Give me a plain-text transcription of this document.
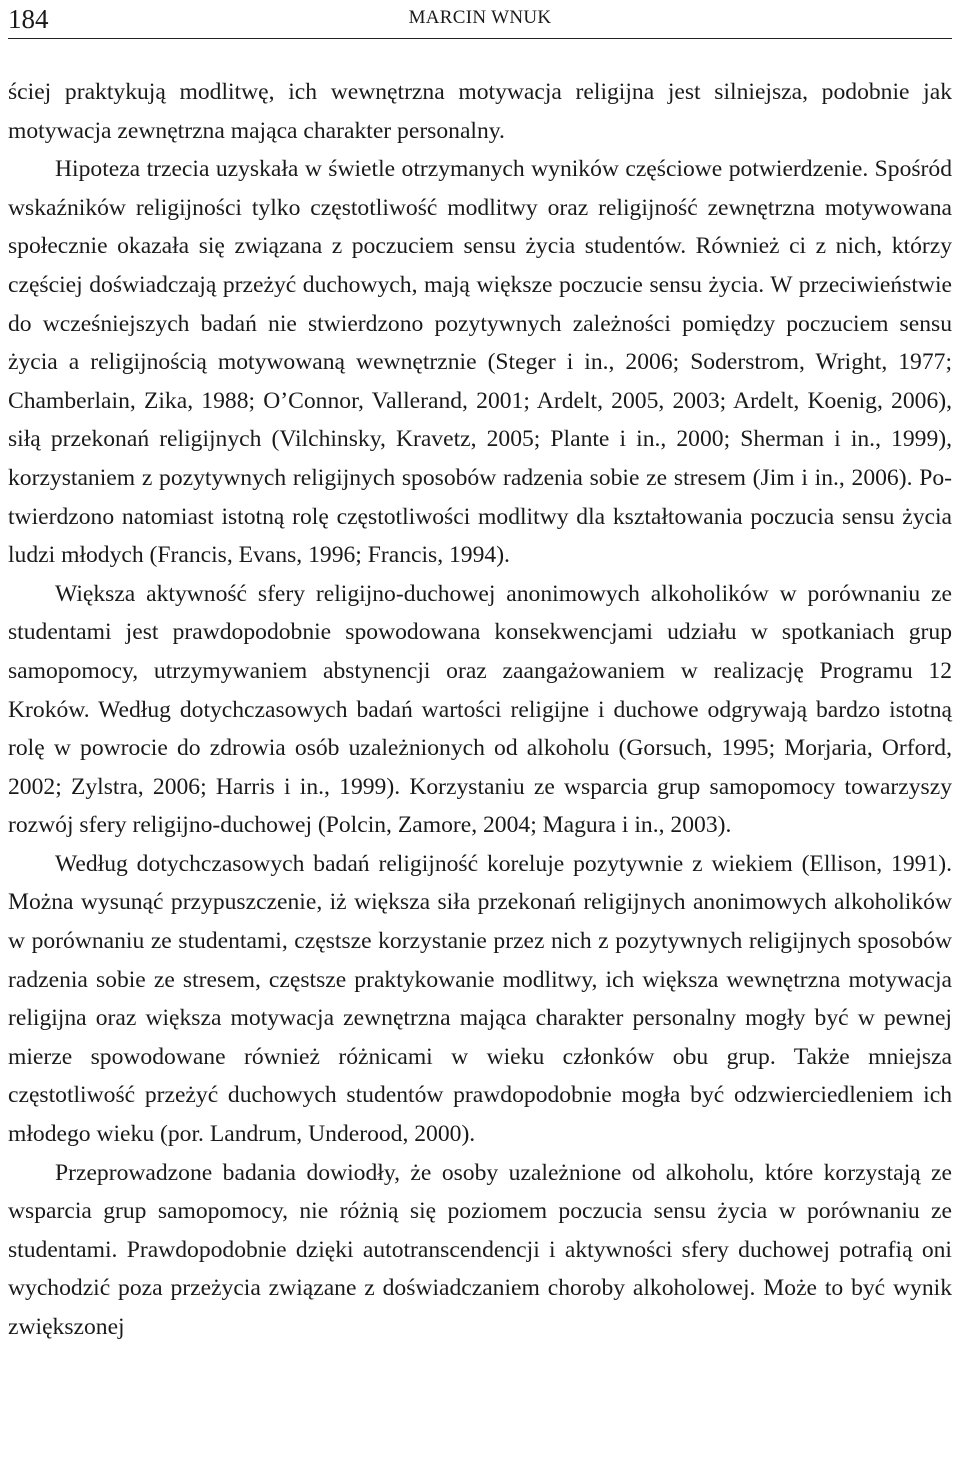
184	MARCIN WNUK

ściej praktykują modlitwę, ich wewnętrzna motywacja religijna jest silniejsza, podobnie jak motywacja zewnętrzna mająca charakter personalny.

Hipoteza trzecia uzyskała w świetle otrzymanych wyników częściowe potwierdzenie. Spośród wskaźników religijności tylko częstotliwość modlitwy oraz religijność zewnętrzna motywowana społecznie okazała się związana z poczuciem sensu życia studentów. Również ci z nich, którzy częściej doświadczają przeżyć duchowych, mają większe poczucie sensu życia. W przeciwieństwie do wcześniejszych badań nie stwierdzono pozytywnych zależności pomiędzy poczuciem sensu życia a religijnością motywowaną wewnętrznie (Steger i in., 2006; Soderstrom, Wright, 1977; Chamberlain, Zika, 1988; O’Connor, Vallerand, 2001; Ardelt, 2005, 2003; Ardelt, Koenig, 2006), siłą przekonań religijnych (Vilchinsky, Kravetz, 2005; Plante i in., 2000; Sherman i in., 1999), korzystaniem z pozytywnych religijnych sposobów radzenia sobie ze stresem (Jim i in., 2006). Potwierdzono natomiast istotną rolę częstotliwości modlitwy dla kształtowania poczucia sensu życia ludzi młodych (Francis, Evans, 1996; Francis, 1994).

Większa aktywność sfery religijno-duchowej anonimowych alkoholików w porównaniu ze studentami jest prawdopodobnie spowodowana konsekwencjami udziału w spotkaniach grup samopomocy, utrzymywaniem abstynencji oraz zaangażowaniem w realizację Programu 12 Kroków. Według dotychczasowych badań wartości religijne i duchowe odgrywają bardzo istotną rolę w powrocie do zdrowia osób uzależnionych od alkoholu (Gorsuch, 1995; Morjaria, Orford, 2002; Zylstra, 2006; Harris i in., 1999). Korzystaniu ze wsparcia grup samopomocy towarzyszy rozwój sfery religijno-duchowej (Polcin, Zamore, 2004; Magura i in., 2003).

Według dotychczasowych badań religijność koreluje pozytywnie z wiekiem (Ellison, 1991). Można wysunąć przypuszczenie, iż większa siła przekonań religijnych anonimowych alkoholików w porównaniu ze studentami, częstsze korzystanie przez nich z pozytywnych religijnych sposobów radzenia sobie ze stresem, częstsze praktykowanie modlitwy, ich większa wewnętrzna motywacja religijna oraz większa motywacja zewnętrzna mająca charakter personalny mogły być w pewnej mierze spowodowane również różnicami w wieku członków obu grup. Także mniejsza częstotliwość przeżyć duchowych studentów prawdopodobnie mogła być odzwierciedleniem ich młodego wieku (por. Landrum, Underood, 2000).

Przeprowadzone badania dowiodły, że osoby uzależnione od alkoholu, które korzystają ze wsparcia grup samopomocy, nie różnią się poziomem poczucia sensu życia w porównaniu ze studentami. Prawdopodobnie dzięki autotranscendencji i aktywności sfery duchowej potrafią oni wychodzić poza przeżycia związane z doświadczaniem choroby alkoholowej. Może to być wynik zwiększonej
